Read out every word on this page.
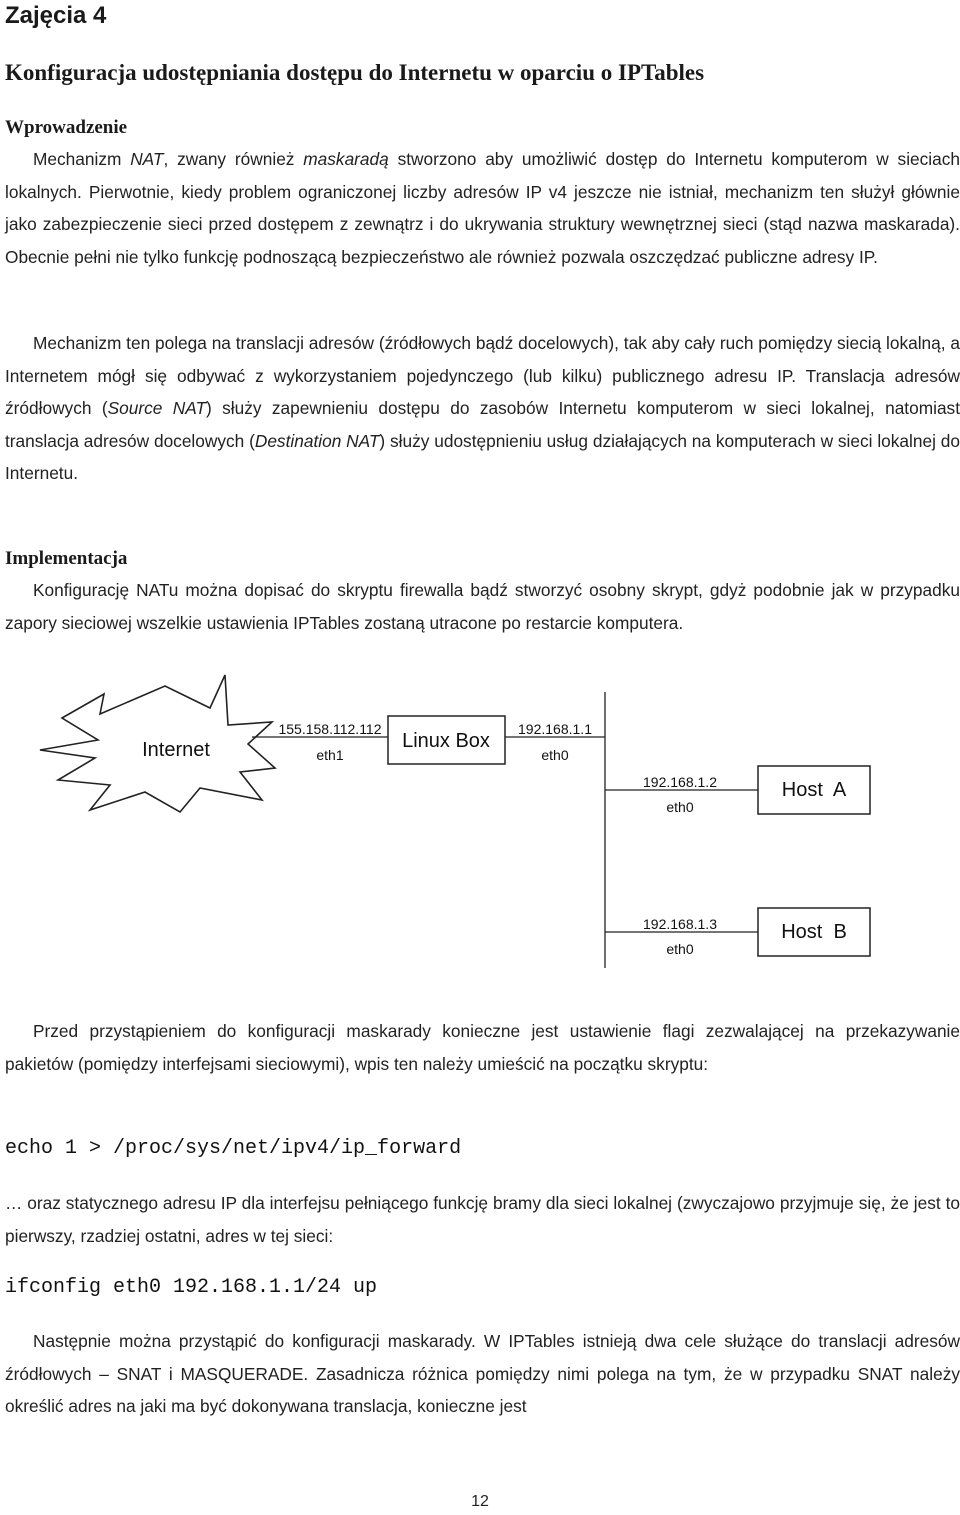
Zajęcia 4
Konfiguracja udostępniania dostępu do Internetu w oparciu o IPTables
Wprowadzenie

Mechanizm NAT, zwany również maskaradą stworzono aby umożliwić dostęp do Internetu komputerom w sieciach lokalnych. Pierwotnie, kiedy problem ograniczonej liczby adresów IP v4 jeszcze nie istniał, mechanizm ten służył głównie jako zabezpieczenie sieci przed dostępem z zewnątrz i do ukrywania struktury wewnętrznej sieci (stąd nazwa maskarada). Obecnie pełni nie tylko funkcję podnoszącą bezpieczeństwo ale również pozwala oszczędzać publiczne adresy IP.

Mechanizm ten polega na translacji adresów (źródłowych bądź docelowych), tak aby cały ruch pomiędzy siecią lokalną, a Internetem mógł się odbywać z wykorzystaniem pojedynczego (lub kilku) publicznego adresu IP. Translacja adresów źródłowych (Source NAT) służy zapewnieniu dostępu do zasobów Internetu komputerom w sieci lokalnej, natomiast translacja adresów docelowych (Destination NAT) służy udostępnieniu usług działających na komputerach w sieci lokalnej do Internetu.

Implementacja

Konfigurację NATu można dopisać do skryptu firewalla bądź stworzyć osobny skrypt, gdyż podobnie jak w przypadku zapory sieciowej wszelkie ustawienia IPTables zostaną utracone po restarcie komputera.

Internet
155.158.112.112
eth1
Linux Box
192.168.1.1
eth0
192.168.1.2
eth0
Host  A
192.168.1.3
eth0
Host  B

Przed przystąpieniem do konfiguracji maskarady konieczne jest ustawienie flagi zezwalającej na przekazywanie pakietów (pomiędzy interfejsami sieciowymi), wpis ten należy umieścić na początku skryptu:

echo 1 > /proc/sys/net/ipv4/ip_forward

… oraz statycznego adresu IP dla interfejsu pełniącego funkcję bramy dla sieci lokalnej (zwyczajowo przyjmuje się, że jest to pierwszy, rzadziej ostatni, adres w tej sieci:

ifconfig eth0 192.168.1.1/24 up

Następnie można przystąpić do konfiguracji maskarady. W IPTables istnieją dwa cele służące do translacji adresów źródłowych – SNAT i MASQUERADE. Zasadnicza różnica pomiędzy nimi polega na tym, że w przypadku SNAT należy określić adres na jaki ma być dokonywana translacja, konieczne jest

12
